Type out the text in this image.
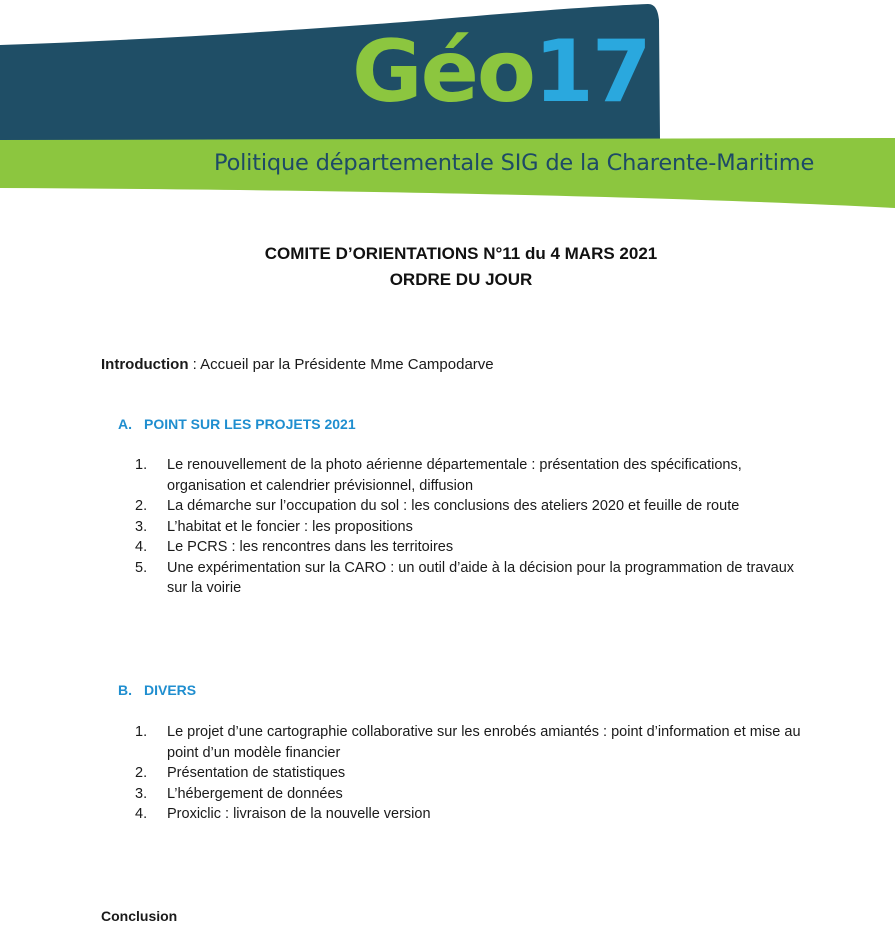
Géo17
Politique départementale SIG de la Charente-Maritime
COMITE D’ORIENTATIONS N°11 du 4 MARS 2021
ORDRE DU JOUR
Introduction : Accueil par la Présidente Mme Campodarve
A. POINT SUR LES PROJETS 2021
1. Le renouvellement de la photo aérienne départementale : présentation des spécifications, organisation et calendrier prévisionnel, diffusion
2. La démarche sur l’occupation du sol : les conclusions des ateliers 2020 et feuille de route
3. L’habitat et le foncier : les propositions
4. Le PCRS : les rencontres dans les territoires
5. Une expérimentation sur la CARO : un outil d’aide à la décision pour la programmation de travaux sur la voirie
B. DIVERS
1. Le projet d’une cartographie collaborative sur les enrobés amiantés : point d’information et mise au point d’un modèle financier
2. Présentation de statistiques
3. L’hébergement de données
4. Proxiclic : livraison de la nouvelle version
Conclusion
